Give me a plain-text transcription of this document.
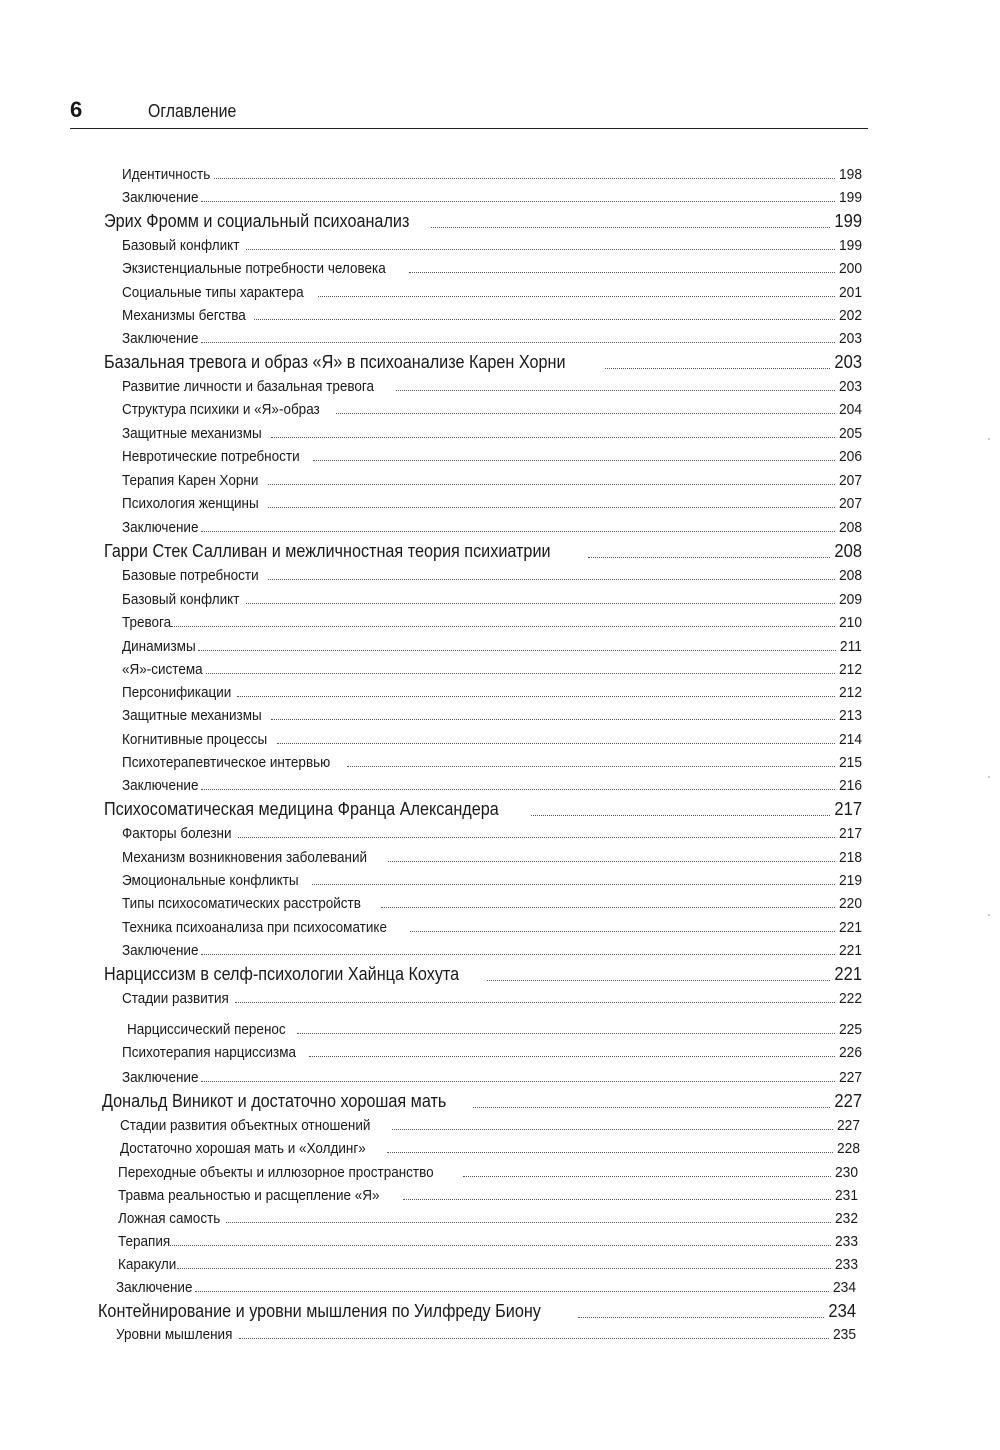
6	Оглавление
Идентичность	198
Заключение	199
Эрих Фромм и социальный психоанализ	199
Базовый конфликт	199
Экзистенциальные потребности человека	200
Социальные типы характера	201
Механизмы бегства	202
Заключение	203
Базальная тревога и образ «Я» в психоанализе Карен Хорни	203
Развитие личности и базальная тревога	203
Структура психики и «Я»-образ	204
Защитные механизмы	205
Невротические потребности	206
Терапия Карен Хорни	207
Психология женщины	207
Заключение	208
Гарри Стек Салливан и межличностная теория психиатрии	208
Базовые потребности	208
Базовый конфликт	209
Тревога	210
Динамизмы	211
«Я»-система	212
Персонификации	212
Защитные механизмы	213
Когнитивные процессы	214
Психотерапевтическое интервью	215
Заключение	216
Психосоматическая медицина Франца Александера	217
Факторы болезни	217
Механизм возникновения заболеваний	218
Эмоциональные конфликты	219
Типы психосоматических расстройств	220
Техника психоанализа при психосоматике	221
Заключение	221
Нарциссизм в селф-психологии Хайнца Кохута	221
Стадии развития	222
Нарциссический перенос	225
Психотерапия нарциссизма	226
Заключение	227
Дональд Виникот и достаточно хорошая мать	227
Стадии развития объектных отношений	227
Достаточно хорошая мать и «Холдинг»	228
Переходные объекты и иллюзорное пространство	230
Травма реальностью и расщепление «Я»	231
Ложная самость	232
Терапия	233
Каракули	233
Заключение	234
Контейнирование и уровни мышления по Уилфреду Биону	234
Уровни мышления	235
